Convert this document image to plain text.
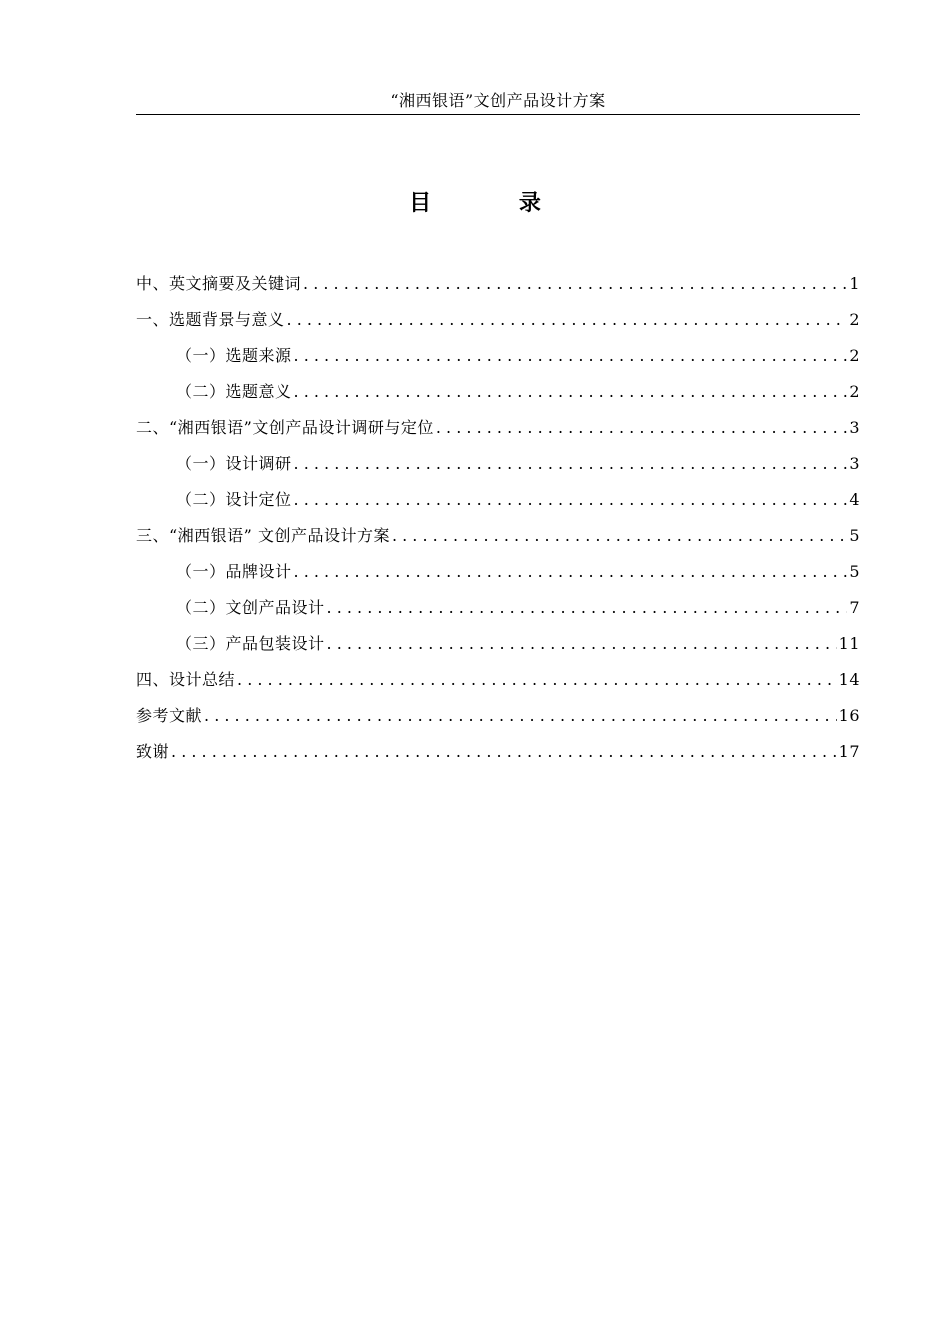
“湘西银语”文创产品设计方案
目 录
中、英文摘要及关键词 . . .	1
一、选题背景与意义 . . .	2
（一）选题来源 . . .	2
（二）选题意义 . . .	2
二、“湘西银语”文创产品设计调研与定位 . . .	3
（一）设计调研 . . .	3
（二）设计定位 . . .	4
三、“湘西银语” 文创产品设计方案 . . .	5
（一）品牌设计 . . .	5
（二）文创产品设计 . . .	7
（三）产品包装设计 . . .	11
四、设计总结 . . .	14
参考文献 . . .	16
致谢 . . .	17
